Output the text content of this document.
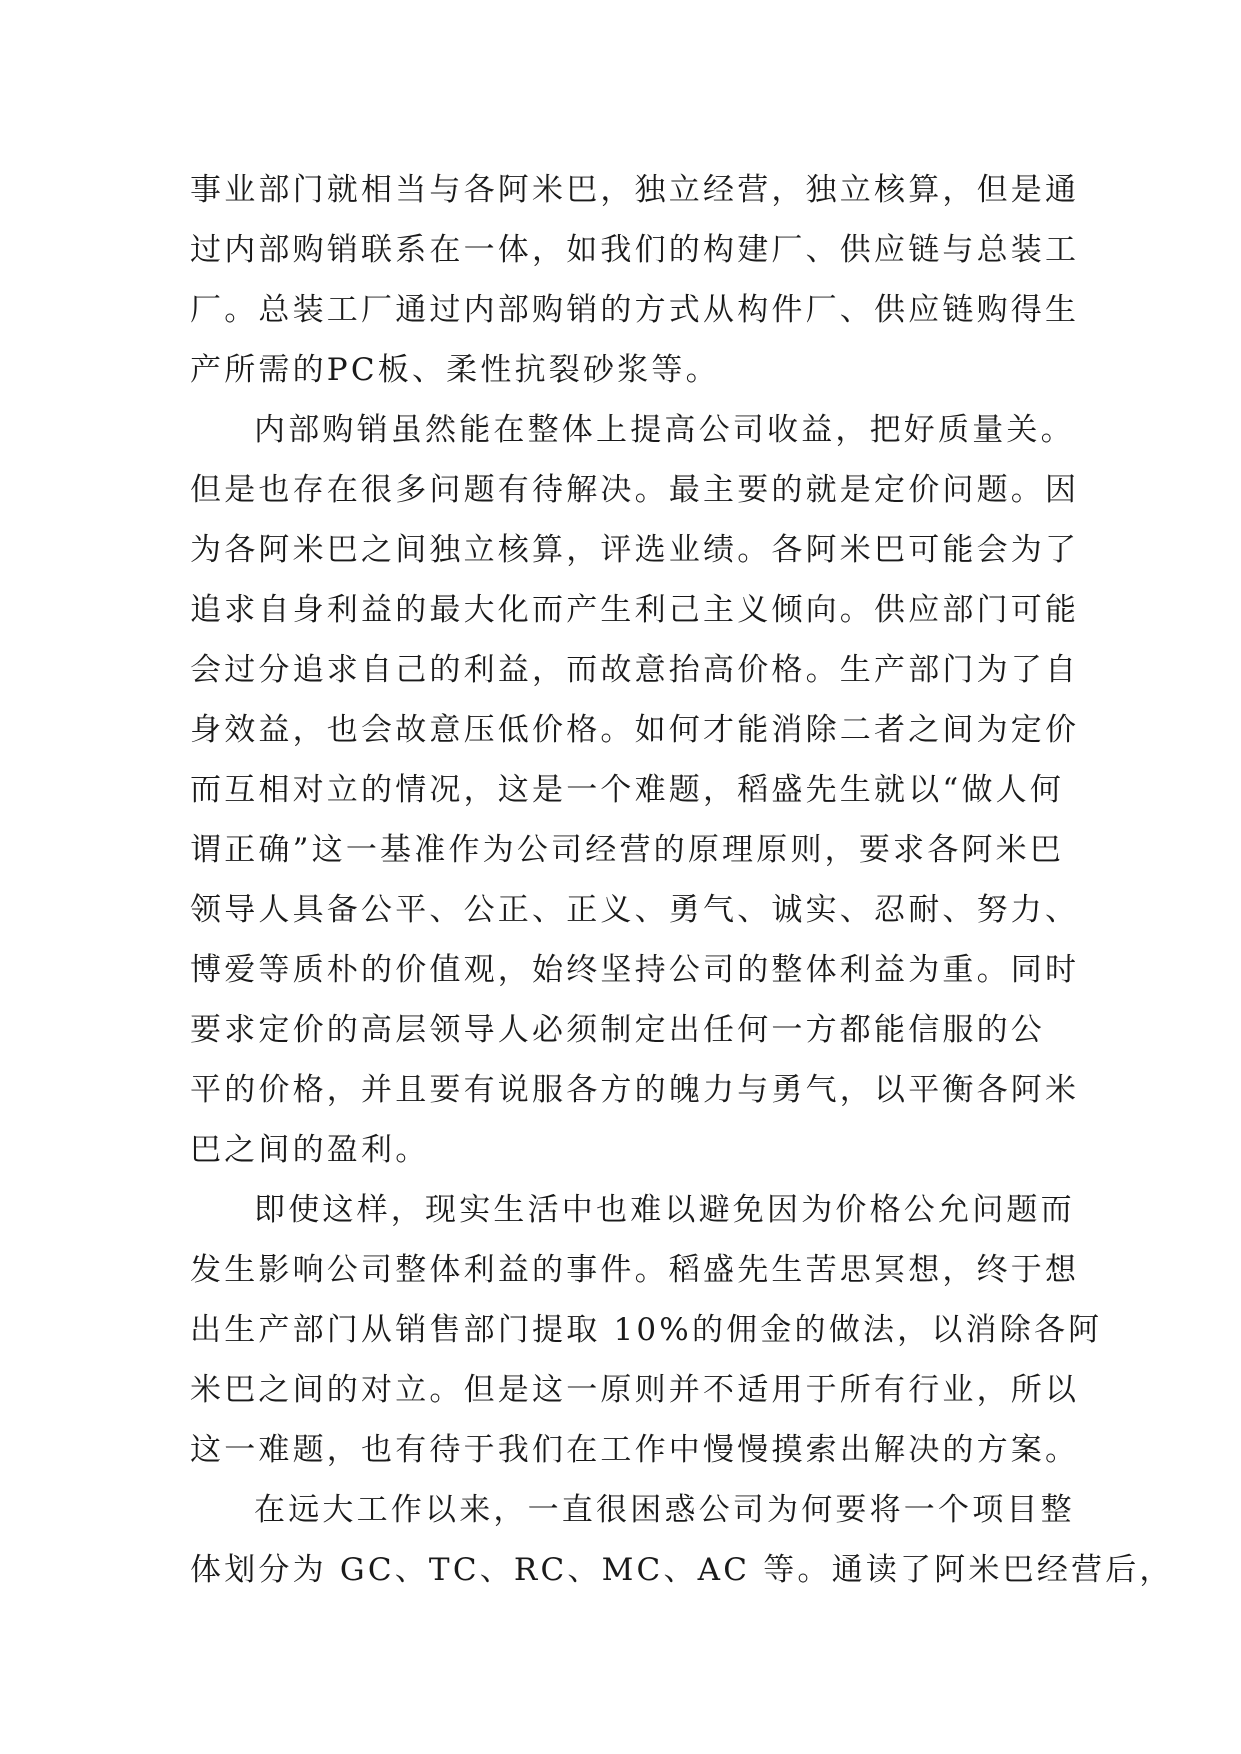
事业部门就相当与各阿米巴，独立经营，独立核算，但是通
过内部购销联系在一体，如我们的构建厂、供应链与总装工
厂。总装工厂通过内部购销的方式从构件厂、供应链购得生
产所需的PC板、柔性抗裂砂浆等。
内部购销虽然能在整体上提高公司收益，把好质量关。
但是也存在很多问题有待解决。最主要的就是定价问题。因
为各阿米巴之间独立核算，评选业绩。各阿米巴可能会为了
追求自身利益的最大化而产生利己主义倾向。供应部门可能
会过分追求自己的利益，而故意抬高价格。生产部门为了自
身效益，也会故意压低价格。如何才能消除二者之间为定价
而互相对立的情况，这是一个难题，稻盛先生就以“做人何
谓正确”这一基准作为公司经营的原理原则，要求各阿米巴
领导人具备公平、公正、正义、勇气、诚实、忍耐、努力、
博爱等质朴的价值观，始终坚持公司的整体利益为重。同时
要求定价的高层领导人必须制定出任何一方都能信服的公
平的价格，并且要有说服各方的魄力与勇气，以平衡各阿米
巴之间的盈利。
即使这样，现实生活中也难以避免因为价格公允问题而
发生影响公司整体利益的事件。稻盛先生苦思冥想，终于想
出生产部门从销售部门提取 10%的佣金的做法，以消除各阿
米巴之间的对立。但是这一原则并不适用于所有行业，所以
这一难题，也有待于我们在工作中慢慢摸索出解决的方案。
在远大工作以来，一直很困惑公司为何要将一个项目整
体划分为 GC、TC、RC、MC、AC 等。通读了阿米巴经营后，
